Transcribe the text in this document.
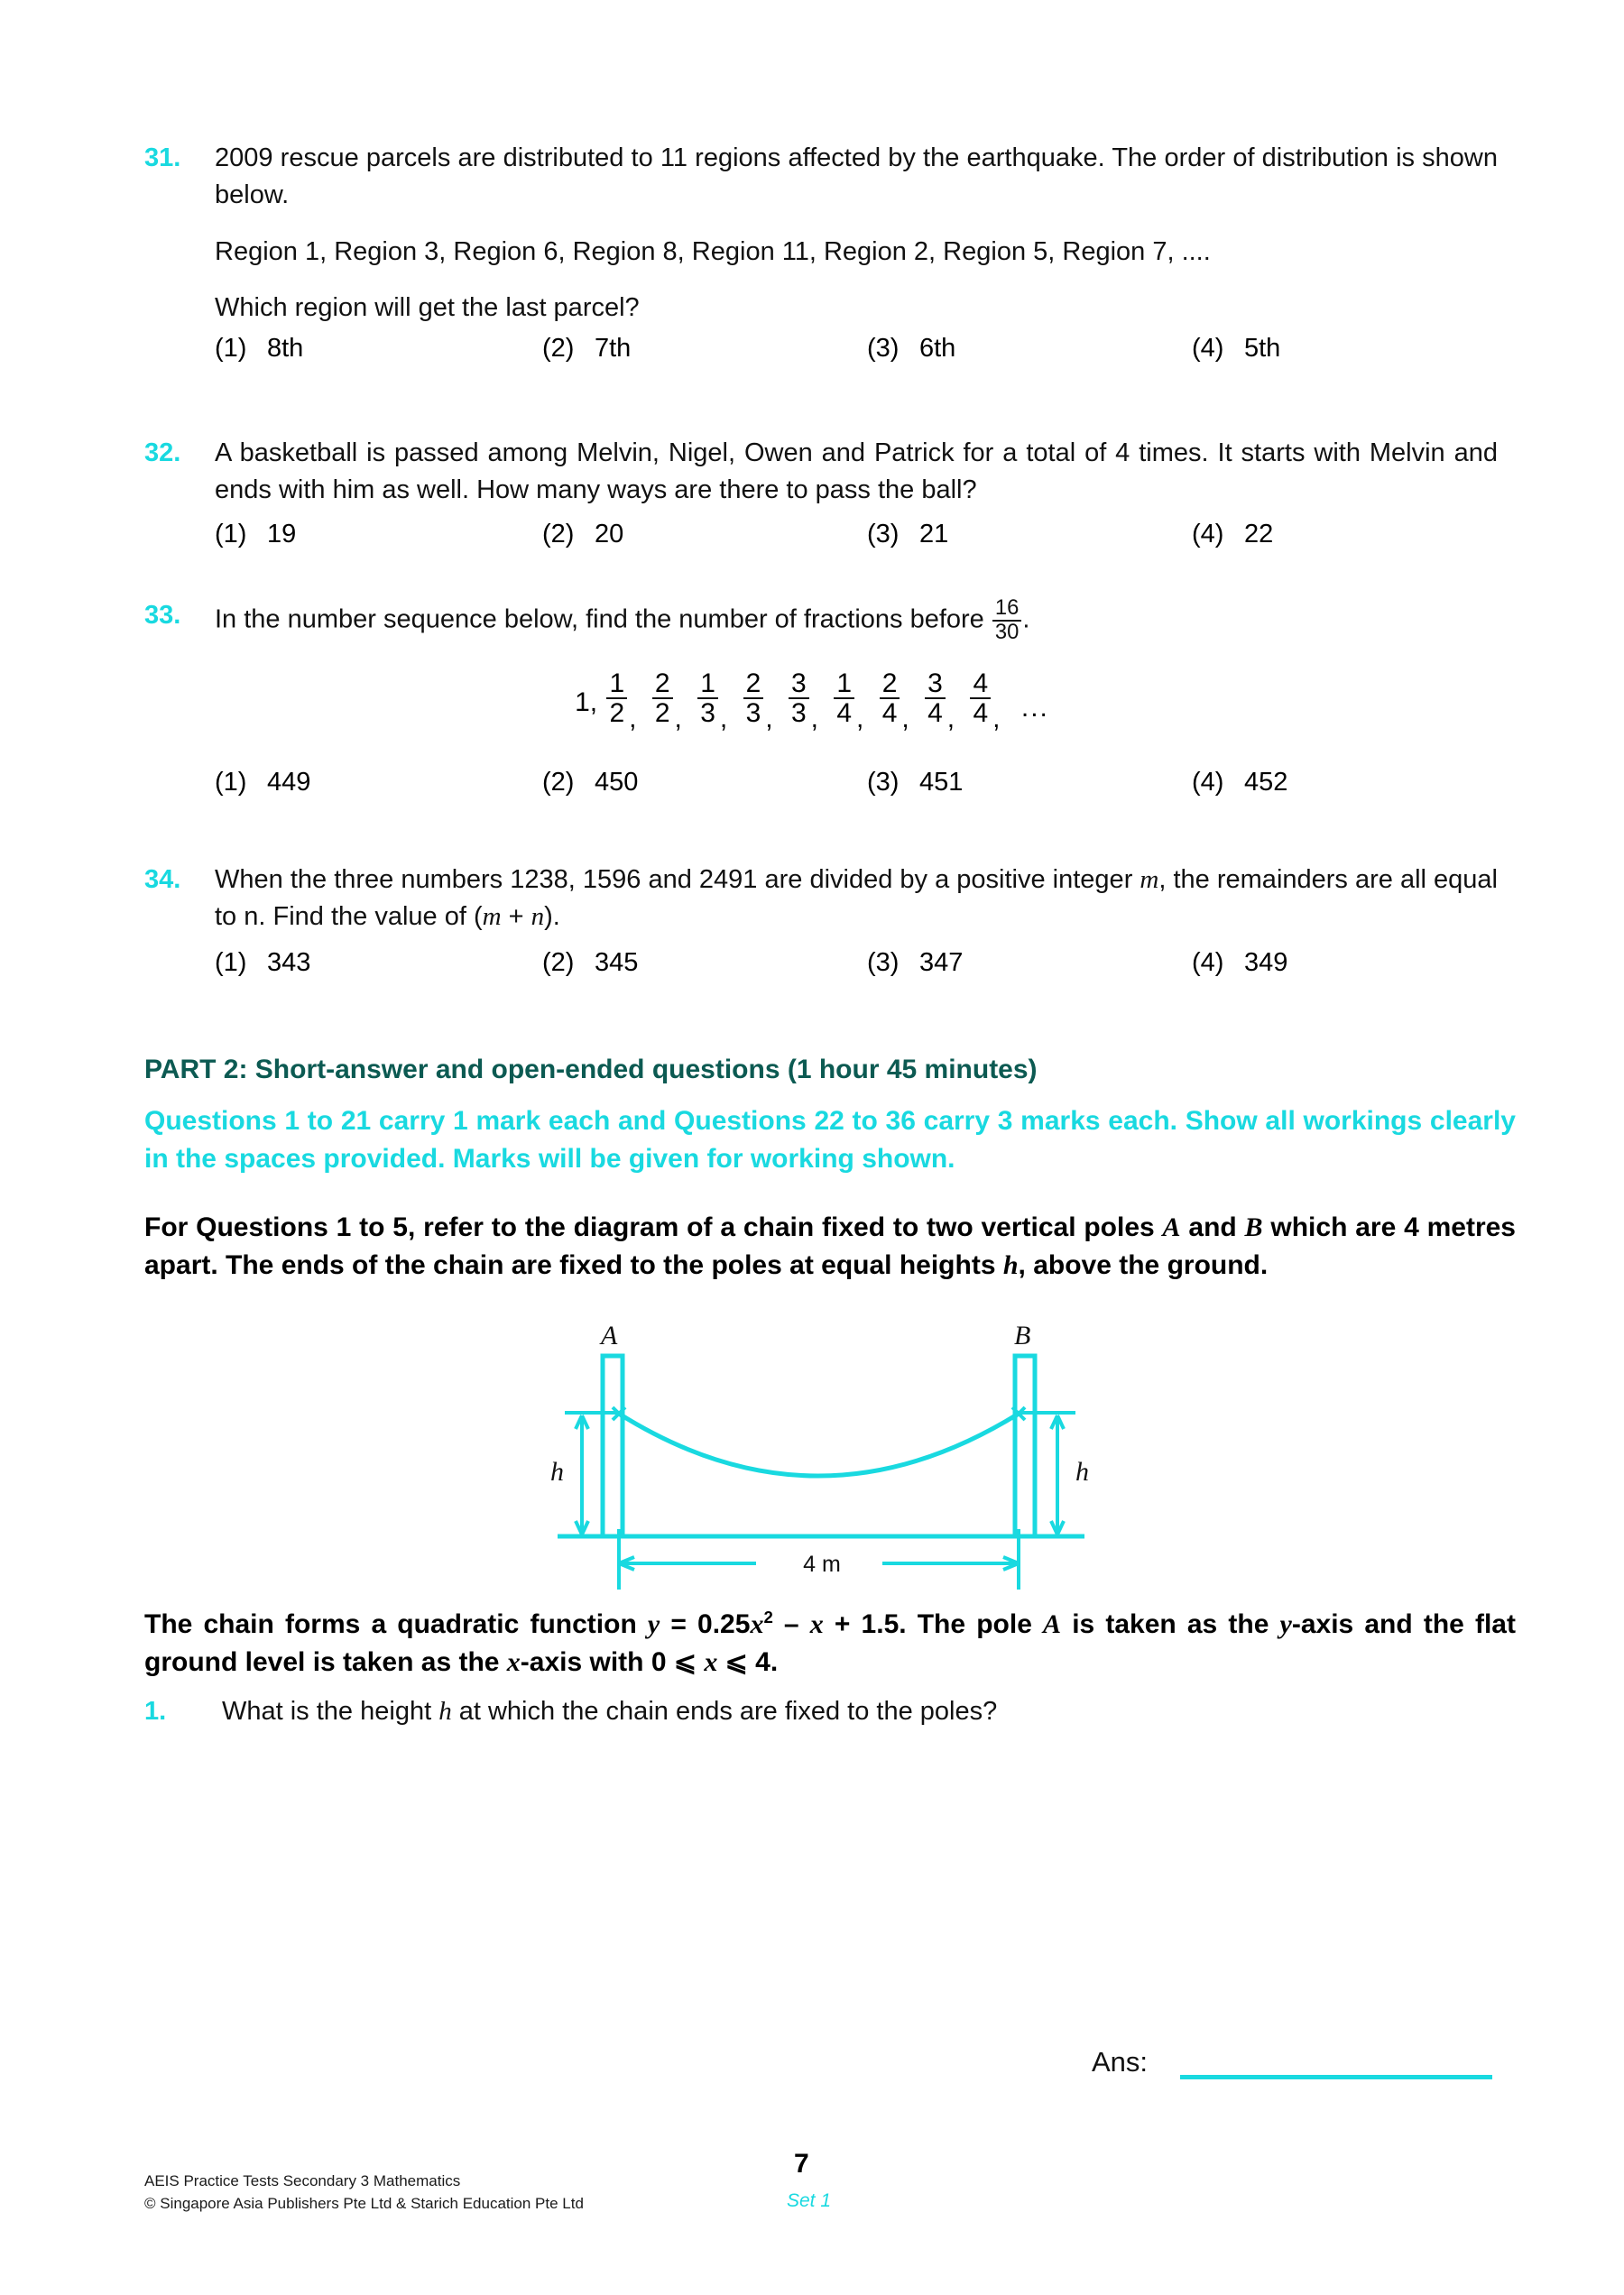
31.	2009 rescue parcels are distributed to 11 regions affected by the earthquake. The order of distribution is shown below.
Region 1, Region 3, Region 6, Region 8, Region 11, Region 2, Region 5, Region 7, ....
Which region will get the last parcel?
(1) 8th	(2) 7th	(3) 6th	(4) 5th
32.	A basketball is passed among Melvin, Nigel, Owen and Patrick for a total of 4 times. It starts with Melvin and ends with him as well. How many ways are there to pass the ball?
(1) 19	(2) 20	(3) 21	(4) 22
33.	In the number sequence below, find the number of fractions before $\frac{16}{30}$ .
1, $\frac{1}{2}$ , $\frac{2}{2}$ , $\frac{1}{3}$ , $\frac{2}{3}$ , $\frac{3}{3}$ , $\frac{1}{4}$ , $\frac{2}{4}$ , $\frac{3}{4}$ , $\frac{4}{4}$ , ...
(1) 449	(2) 450	(3) 451	(4) 452
34.	When the three numbers 1238, 1596 and 2491 are divided by a positive integer m, the remainders are all equal to n. Find the value of (m + n).
(1) 343	(2) 345	(3) 347	(4) 349
PART 2: Short-answer and open-ended questions (1 hour 45 minutes)
Questions 1 to 21 carry 1 mark each and Questions 22 to 36 carry 3 marks each. Show all workings clearly in the spaces provided. Marks will be given for working shown.
For Questions 1 to 5, refer to the diagram of a chain fixed to two vertical poles A and B which are 4 metres apart. The ends of the chain are fixed to the poles at equal heights h, above the ground.
4 m
A	B
h	h
The chain forms a quadratic function $y = 0.25x^2 - x + 1.5$. The pole A is taken as the y-axis and the flat ground level is taken as the x-axis with 0 ⩽ x ⩽ 4.
1.	What is the height h at which the chain ends are fixed to the poles?
Ans:
AEIS Practice Tests Secondary 3 Mathematics
© Singapore Asia Publishers Pte Ltd & Starich Education Pte Ltd
7
Set 1
